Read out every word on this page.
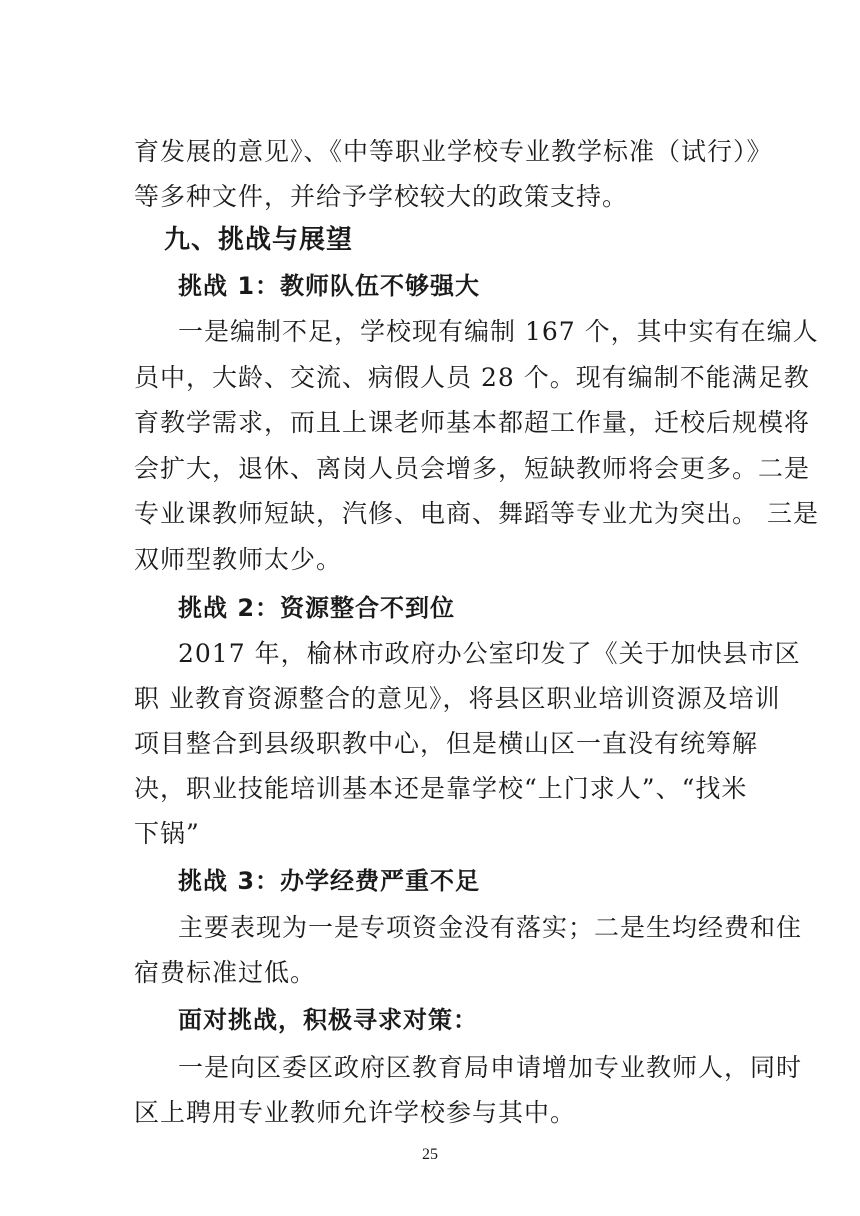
育发展的意见》、《中等职业学校专业教学标准（试行）》

等多种文件，并给予学校较大的政策支持。

九、挑战与展望
挑战 1：教师队伍不够强大

一是编制不足，学校现有编制 167 个，其中实有在编人

员中，大龄、交流、病假人员 28 个。现有编制不能满足教

育教学需求，而且上课老师基本都超工作量，迁校后规模将

会扩大，退休、离岗人员会增多，短缺教师将会更多。二是

专业课教师短缺，汽修、电商、舞蹈等专业尤为突出。 三是

双师型教师太少。

挑战 2：资源整合不到位

2017 年，榆林市政府办公室印发了《关于加快县市区

职 业教育资源整合的意见》，将县区职业培训资源及培训

项目整合到县级职教中心，但是横山区一直没有统筹解

决，职业技能培训基本还是靠学校“上门求人”、“找米

下锅”

挑战 3：办学经费严重不足

主要表现为一是专项资金没有落实；二是生均经费和住

宿费标准过低。

面对挑战，积极寻求对策：

一是向区委区政府区教育局申请增加专业教师人，同时

区上聘用专业教师允许学校参与其中。

25
